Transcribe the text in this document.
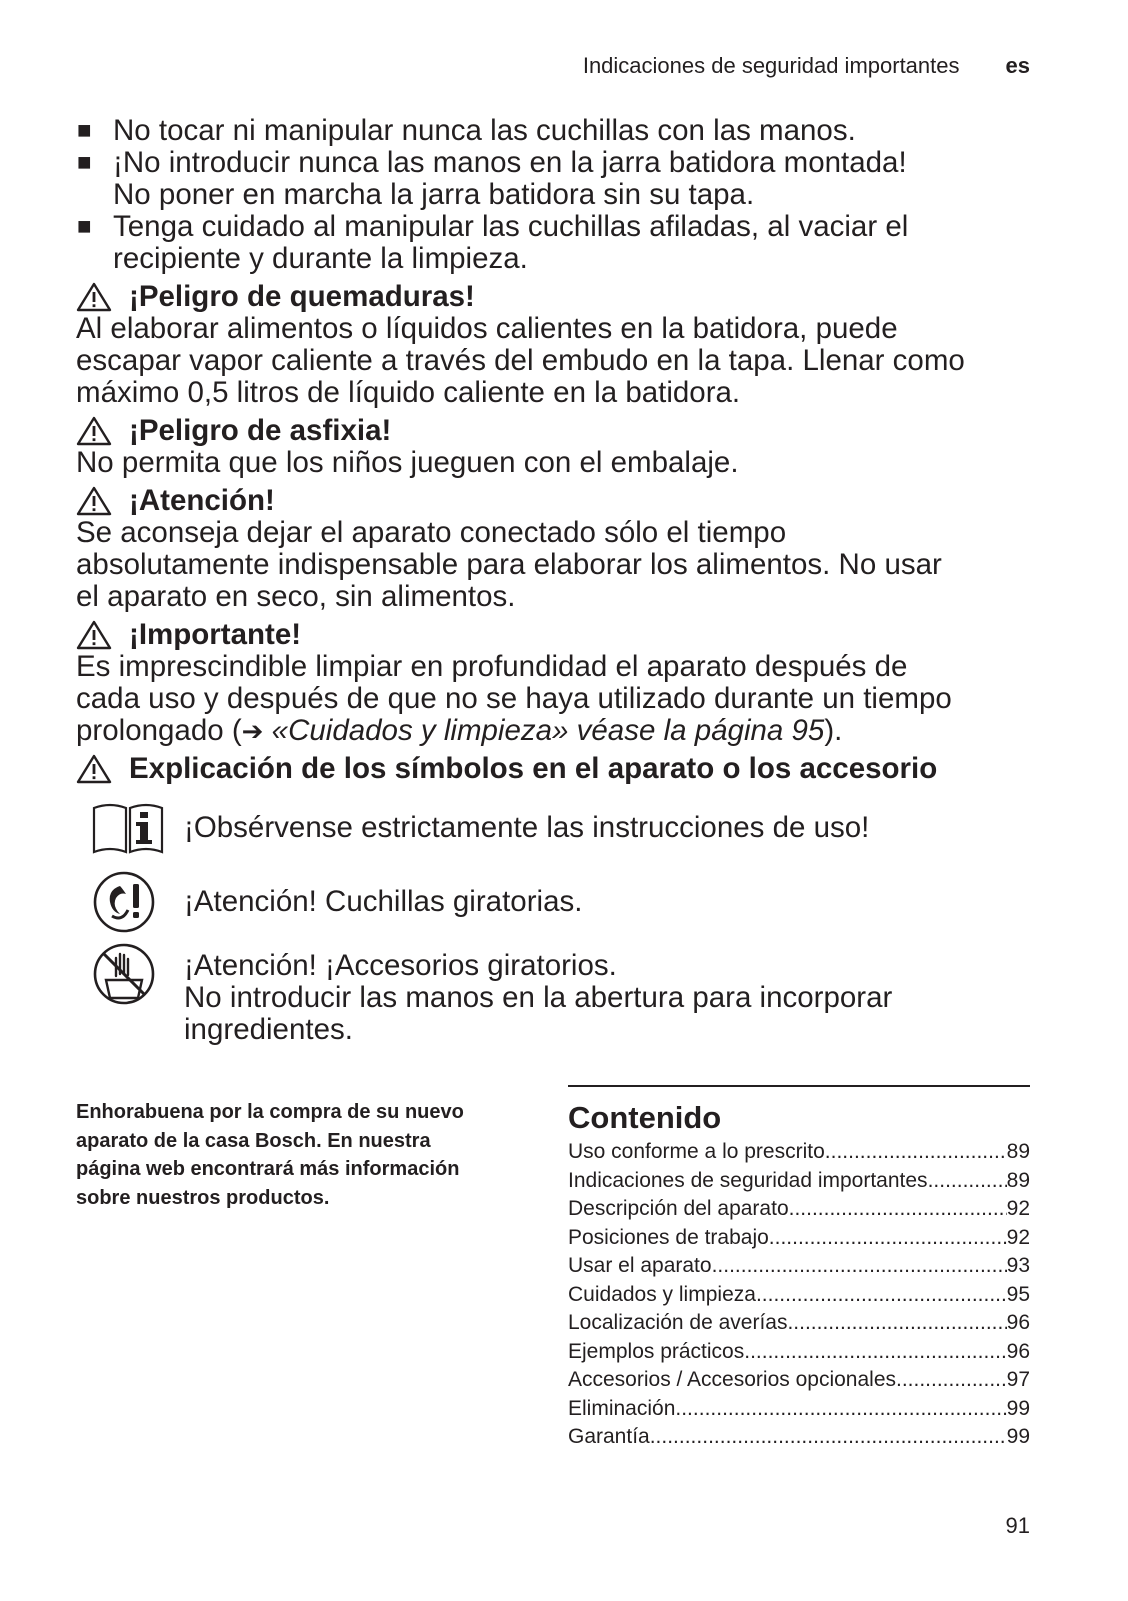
Indicaciones de seguridad importantes es
■ No tocar ni manipular nunca las cuchillas con las manos.
■ ¡No introducir nunca las manos en la jarra batidora montada!
No poner en marcha la jarra batidora sin su tapa.
■ Tenga cuidado al manipular las cuchillas afiladas, al vaciar el
recipiente y durante la limpieza.
¡Peligro de quemaduras!
Al elaborar alimentos o líquidos calientes en la batidora, puede
escapar vapor caliente a través del embudo en la tapa. Llenar como
máximo 0,5 litros de líquido caliente en la batidora.
¡Peligro de asfixia!
No permita que los niños jueguen con el embalaje.
¡Atención!
Se aconseja dejar el aparato conectado sólo el tiempo
absolutamente indispensable para elaborar los alimentos. No usar
el aparato en seco, sin alimentos.
¡Importante!
Es imprescindible limpiar en profundidad el aparato después de
cada uso y después de que no se haya utilizado durante un tiempo
prolongado (➔ «Cuidados y limpieza» véase la página 95).
Explicación de los símbolos en el aparato o los accesorio
¡Obsérvense estrictamente las instrucciones de uso!
¡Atención! Cuchillas giratorias.
¡Atención! ¡Accesorios giratorios.
No introducir las manos en la abertura para incorporar
ingredientes.
Enhorabuena por la compra de su nuevo
aparato de la casa Bosch. En nuestra
página web encontrará más información
sobre nuestros productos.
Contenido
Uso conforme a lo prescrito .....	89
Indicaciones de seguridad importantes .....	89
Descripción del aparato .....	92
Posiciones de trabajo .....	92
Usar el aparato .....	93
Cuidados y limpieza .....	95
Localización de averías .....	96
Ejemplos prácticos .....	96
Accesorios / Accesorios opcionales .....	97
Eliminación .....	99
Garantía .....	99
91
